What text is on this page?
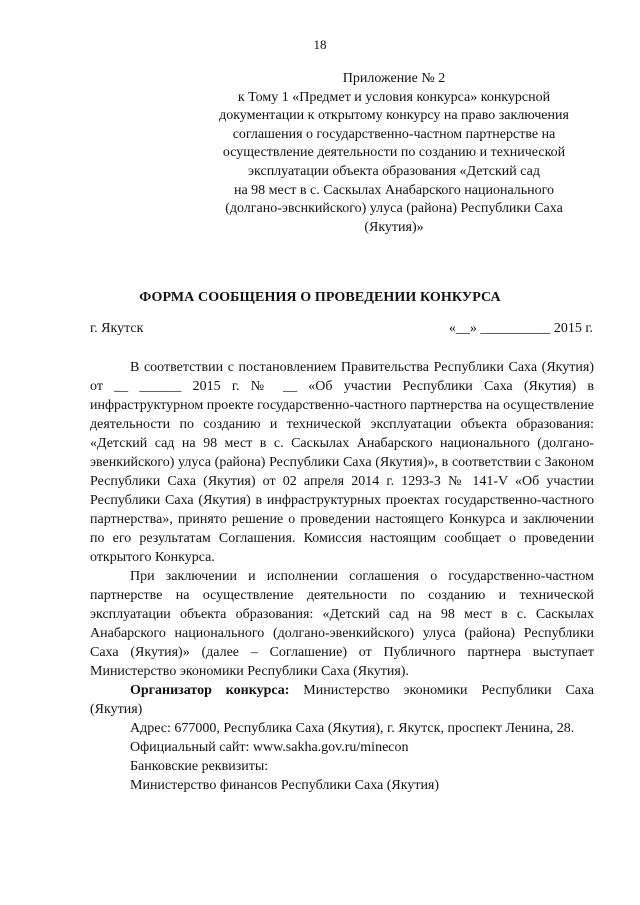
18
Приложение № 2
к Тому 1 «Предмет и условия конкурса» конкурсной
документации к открытому конкурсу на право заключения
соглашения о государственно-частном партнерстве на
осуществление деятельности по созданию и технической
эксплуатации объекта образования «Детский сад
на 98 мест в с. Саскылах Анабарского национального
(долгано-эвснкийского) улуса (района) Республики Саха
(Якутия)»
ФОРМА СООБЩЕНИЯ О ПРОВЕДЕНИИ КОНКУРСА
г. Якутск	«__» __________ 2015 г.

В соответствии с постановлением Правительства Республики Саха (Якутия) от __ ______ 2015 г. № __ «Об участии Республики Саха (Якутия) в инфраструктурном проекте государственно-частного партнерства на осуществление деятельности по созданию и технической эксплуатации объекта образования: «Детский сад на 98 мест в с. Саскылах Анабарского национального (долгано-эвенкийского) улуса (района) Республики Саха (Якутия)», в соответствии с Законом Республики Саха (Якутия) от 02 апреля 2014 г. 1293-З № 141-V «Об участии Республики Саха (Якутия) в инфраструктурных проектах государственно-частного партнерства», принято решение о проведении настоящего Конкурса и заключении по его результатам Соглашения. Комиссия настоящим сообщает о проведении открытого Конкурса.

При заключении и исполнении соглашения о государственно-частном партнерстве на осуществление деятельности по созданию и технической эксплуатации объекта образования: «Детский сад на 98 мест в с. Саскылах Анабарского национального (долгано-эвенкийского) улуса (района) Республики Саха (Якутия)» (далее – Соглашение) от Публичного партнера выступает Министерство экономики Республики Саха (Якутия).

Организатор конкурса: Министерство экономики Республики Саха (Якутия)

Адрес: 677000, Республика Саха (Якутия), г. Якутск, проспект Ленина, 28.

Официальный сайт: www.sakha.gov.ru/minecon

Банковские реквизиты:

Министерство финансов Республики Саха (Якутия)
